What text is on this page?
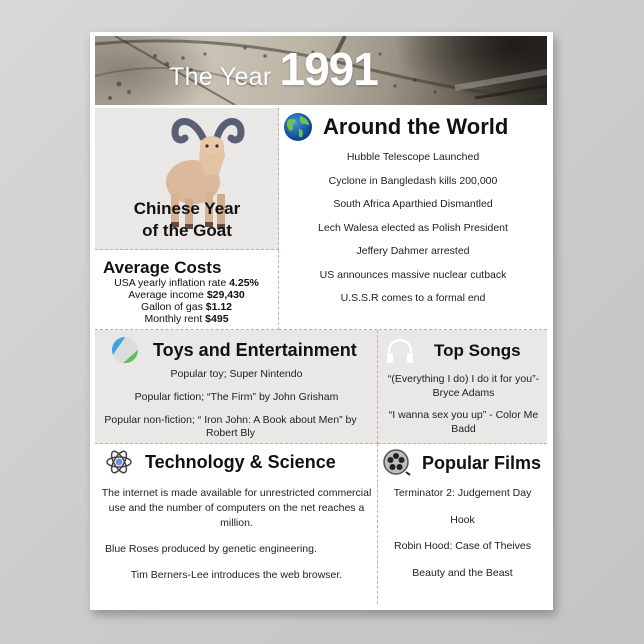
The Year 1991
Chinese Year
of the Goat
Average Costs
USA yearly inflation rate 4.25%
Average income $29,430
Gallon of gas $1.12
Monthly rent $495
Around the World
Hubble Telescope Launched
Cyclone in Bangledash kills 200,000
South Africa Aparthied Dismantled
Lech Walesa elected as Polish President
Jeffery Dahmer arrested
US announces massive nuclear cutback
U.S.S.R comes to a formal end
Toys and Entertainment
Popular toy; Super Nintendo
Popular fiction; “The Firm” by John Grisham
Popular non-fiction; “ Iron John: A Book about Men” by Robert Bly
Top Songs
“(Everything I do) I do it for you”- Bryce Adams
“I wanna sex you up” - Color Me Badd
Technology & Science
The internet is made available for unrestricted commercial use and the number of computers on the net reaches a million.
Blue Roses produced by genetic engineering.
Tim Berners-Lee introduces the web browser.
Popular Films
Terminator 2: Judgement Day
Hook
Robin Hood: Case of Theives
Beauty and the Beast
